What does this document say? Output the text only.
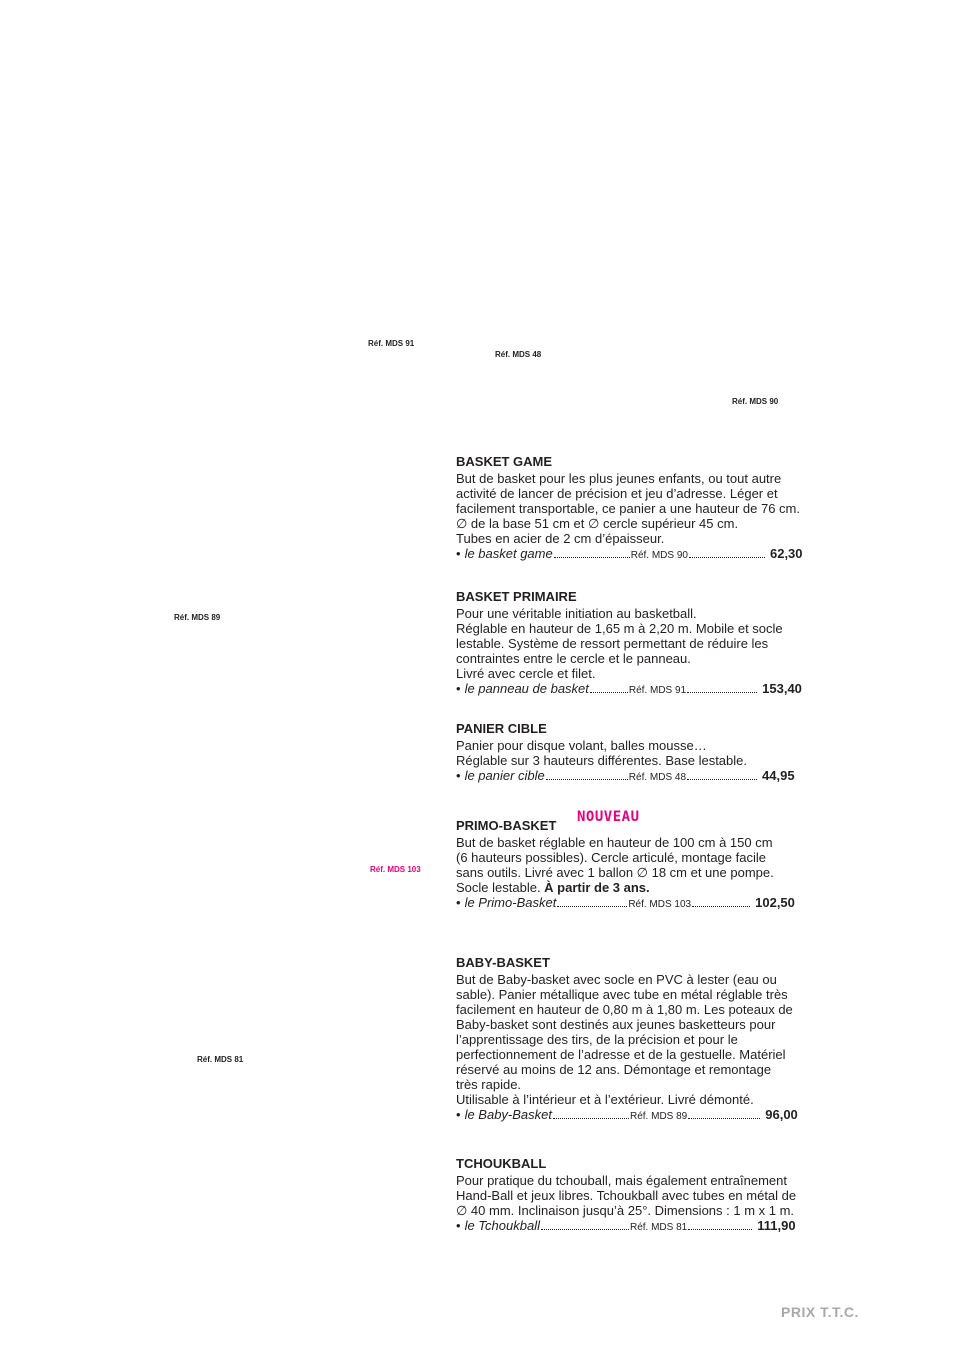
Réf. MDS 91
Réf. MDS 48
Réf. MDS 90
Réf. MDS 89
Réf. MDS 103
Réf. MDS 81
BASKET GAME

But de basket pour les plus jeunes enfants, ou tout autre

activité de lancer de précision et jeu d’adresse. Léger et

facilement transportable, ce panier a une hauteur de 76 cm.

∅ de la base 51 cm et ∅ cercle supérieur 45 cm.

Tubes en acier de 2 cm d’épaisseur.

• le basket game	Réf. MDS 90	62,30
BASKET PRIMAIRE

Pour une véritable initiation au basketball.

Réglable en hauteur de 1,65 m à 2,20 m. Mobile et socle

lestable. Système de ressort permettant de réduire les

contraintes entre le cercle et le panneau.

Livré avec cercle et filet.

• le panneau de basket	Réf. MDS 91	153,40
PANIER CIBLE

Panier pour disque volant, balles mousse…

Réglable sur 3 hauteurs différentes. Base lestable.

• le panier cible	Réf. MDS 48	44,95
NOUVEAU
PRIMO-BASKET

But de basket réglable en hauteur de 100 cm à 150 cm

(6 hauteurs possibles). Cercle articulé, montage facile

sans outils. Livré avec 1 ballon ∅ 18 cm et une pompe.

Socle lestable. À partir de 3 ans.

• le Primo-Basket	Réf. MDS 103	102,50
BABY-BASKET

But de Baby-basket avec socle en PVC à lester (eau ou

sable). Panier métallique avec tube en métal réglable très

facilement en hauteur de 0,80 m à 1,80 m. Les poteaux de

Baby-basket sont destinés aux jeunes basketteurs pour

l’apprentissage des tirs, de la précision et pour le

perfectionnement de l’adresse et de la gestuelle. Matériel

réservé au moins de 12 ans. Démontage et remontage

très rapide.

Utilisable à l’intérieur et à l’extérieur. Livré démonté.

• le Baby-Basket	Réf. MDS 89	96,00
TCHOUKBALL

Pour pratique du tchouball, mais également entraînement

Hand-Ball et jeux libres. Tchoukball avec tubes en métal de

∅ 40 mm. Inclinaison jusqu’à 25°. Dimensions : 1 m x 1 m.

• le Tchoukball	Réf. MDS 81	111,90
PRIX T.T.C.
